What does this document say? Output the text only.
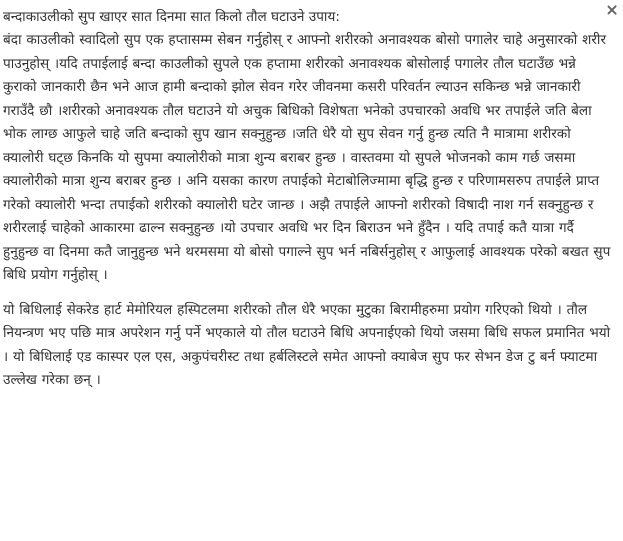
बन्दाकाउलीको सुप खाएर सात दिनमा सात किलो तौल घटाउने उपाय:

बंदा काउलीको स्वादिलो सुप एक हप्तासम्म सेबन गर्नुहोस् र आफ्नो शरीरको अनावश्यक बोसो पगालेर चाहे अनुसारको शरीर पाउनुहोस् ।यदि तपाईलाई बन्दा काउलीको सुपले एक हप्तामा शरीरको अनावश्यक बोसोलाई पगालेर तौल घटाउँछ भन्ने कुराको जानकारी छैन भने आज हामी बन्दाको झोल सेवन गरेर जीवनमा कसरी परिवर्तन ल्याउन सकिन्छ भन्ने जानकारी गराउँदै छौ ।शरीरको अनावश्यक तौल घटाउने यो अचुक बिधिको विशेषता भनेको उपचारको अवधि भर तपाईले जति बेला भोक लाग्छ आफुले चाहे जति बन्दाको सुप खान सक्नुहुन्छ ।जति धेरै यो सुप सेवन गर्नु हुन्छ त्यति नै मात्रामा शरीरको क्यालोरी घट्छ किनकि यो सुपमा क्यालोरीको मात्रा शुन्य बराबर हुन्छ । वास्तवमा यो सुपले भोजनको काम गर्छ जसमा क्यालोरीको मात्रा शुन्य बराबर हुन्छ । अनि यसका कारण तपाईको मेटाबोलिज्मामा बृद्धि हुन्छ र परिणामसरुप तपाईले प्राप्त गरेको क्यालोरी भन्दा तपाईको शरीरको क्यालोरी घटेर जान्छ । अझै तपाईले आफ्नो शरीरको विषादी नाश गर्न सक्नुहुन्छ र शरीरलाई चाहेको आकारमा ढाल्न सक्नुहुन्छ ।यो उपचार अवधि भर दिन बिराउन भने हुँदैन । यदि तपाई कतै यात्रा गर्दै हुनुहुन्छ वा दिनमा कतै जानुहुन्छ भने थरमसमा यो बोसो पगाल्ने सुप भर्न नबिर्सनुहोस् र आफुलाई आवश्यक परेको बखत सुप बिधि प्रयोग गर्नुहोस् ।

यो बिधिलाई सेकरेड हार्ट मेमोरियल हस्पिटलमा शरीरको तौल धेरै भएका मुटुका बिरामीहरुमा प्रयोग गरिएको थियो । तौल नियन्त्रण भए पछि मात्र अपरेशन गर्नु पर्ने भएकाले यो तौल घटाउने बिधि अपनाईएको थियो जसमा बिधि सफल प्रमानित भयो । यो बिधिलाई एड कास्पर एल एस, अकुपंचरीस्ट तथा हर्बलिस्टले समेत आफ्नो क्याबेज सुप फर सेभन डेज टु बर्न फ्याटमा उल्लेख गरेका छन् ।
